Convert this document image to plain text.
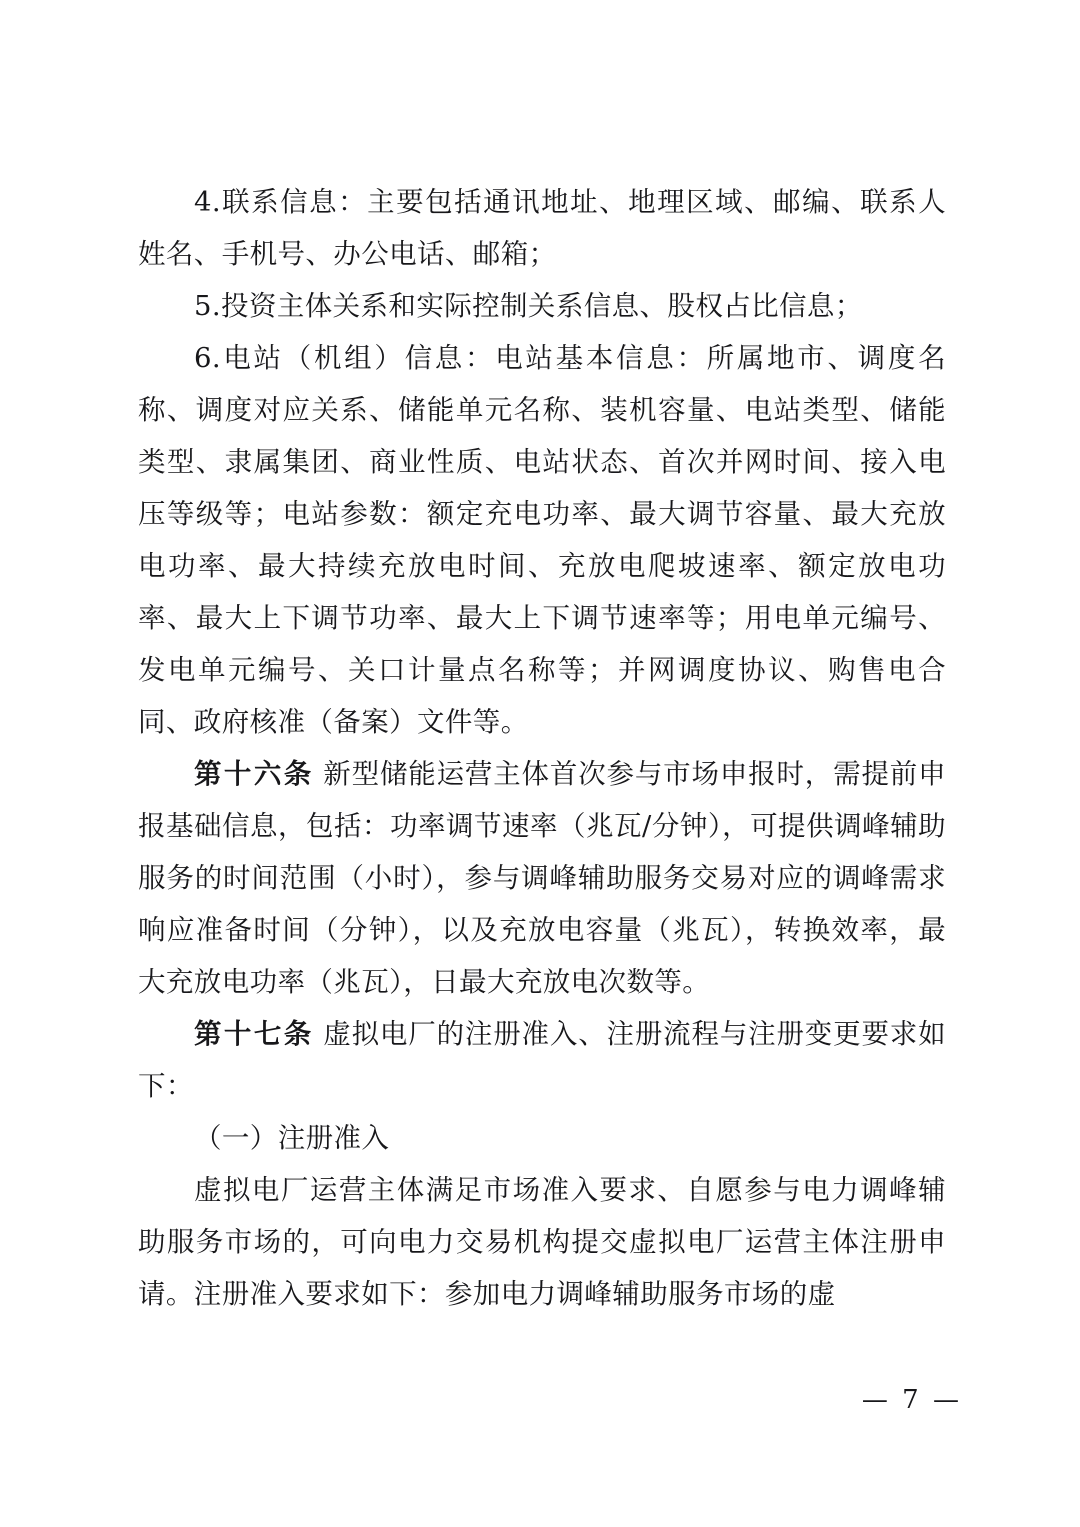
4.联系信息：主要包括通讯地址、地理区域、邮编、联系人姓名、手机号、办公电话、邮箱；

5.投资主体关系和实际控制关系信息、股权占比信息；

6.电站（机组）信息：电站基本信息：所属地市、调度名称、调度对应关系、储能单元名称、装机容量、电站类型、储能类型、隶属集团、商业性质、电站状态、首次并网时间、接入电压等级等；电站参数：额定充电功率、最大调节容量、最大充放电功率、最大持续充放电时间、充放电爬坡速率、额定放电功率、最大上下调节功率、最大上下调节速率等；用电单元编号、发电单元编号、关口计量点名称等；并网调度协议、购售电合同、政府核准（备案）文件等。

第十六条 新型储能运营主体首次参与市场申报时，需提前申报基础信息，包括：功率调节速率（兆瓦/分钟），可提供调峰辅助服务的时间范围（小时），参与调峰辅助服务交易对应的调峰需求响应准备时间（分钟），以及充放电容量（兆瓦），转换效率，最大充放电功率（兆瓦），日最大充放电次数等。

第十七条 虚拟电厂的注册准入、注册流程与注册变更要求如下：

（一）注册准入

虚拟电厂运营主体满足市场准入要求、自愿参与电力调峰辅助服务市场的，可向电力交易机构提交虚拟电厂运营主体注册申请。注册准入要求如下：参加电力调峰辅助服务市场的虚

— 7 —
